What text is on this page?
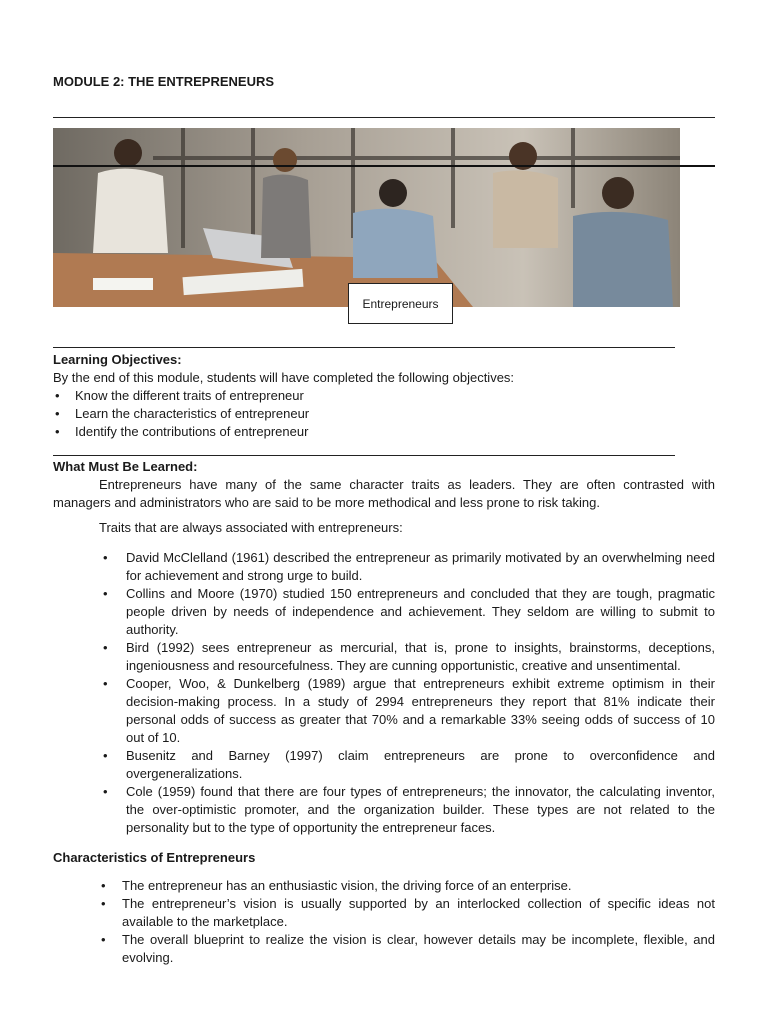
MODULE 2: THE ENTREPRENEURS
Entrepreneurs
Learning Objectives:
By the end of this module, students will have completed the following objectives:
• Know the different traits of entrepreneur
• Learn the characteristics of entrepreneur
• Identify the contributions of entrepreneur
What Must Be Learned:
Entrepreneurs have many of the same character traits as leaders. They are often contrasted with managers and administrators who are said to be more methodical and less prone to risk taking.
Traits that are always associated with entrepreneurs:
• David McClelland (1961) described the entrepreneur as primarily motivated by an overwhelming need for achievement and strong urge to build.
• Collins and Moore (1970) studied 150 entrepreneurs and concluded that they are tough, pragmatic people driven by needs of independence and achievement. They seldom are willing to submit to authority.
• Bird (1992) sees entrepreneur as mercurial, that is, prone to insights, brainstorms, deceptions, ingeniousness and resourcefulness. They are cunning opportunistic, creative and unsentimental.
• Cooper, Woo, & Dunkelberg (1989) argue that entrepreneurs exhibit extreme optimism in their decision-making process. In a study of 2994 entrepreneurs they report that 81% indicate their personal odds of success as greater that 70% and a remarkable 33% seeing odds of success of 10 out of 10.
• Busenitz and Barney (1997) claim entrepreneurs are prone to overconfidence and overgeneralizations.
• Cole (1959) found that there are four types of entrepreneurs; the innovator, the calculating inventor, the over-optimistic promoter, and the organization builder. These types are not related to the personality but to the type of opportunity the entrepreneur faces.
Characteristics of Entrepreneurs
• The entrepreneur has an enthusiastic vision, the driving force of an enterprise.
• The entrepreneur’s vision is usually supported by an interlocked collection of specific ideas not available to the marketplace.
• The overall blueprint to realize the vision is clear, however details may be incomplete, flexible, and evolving.
